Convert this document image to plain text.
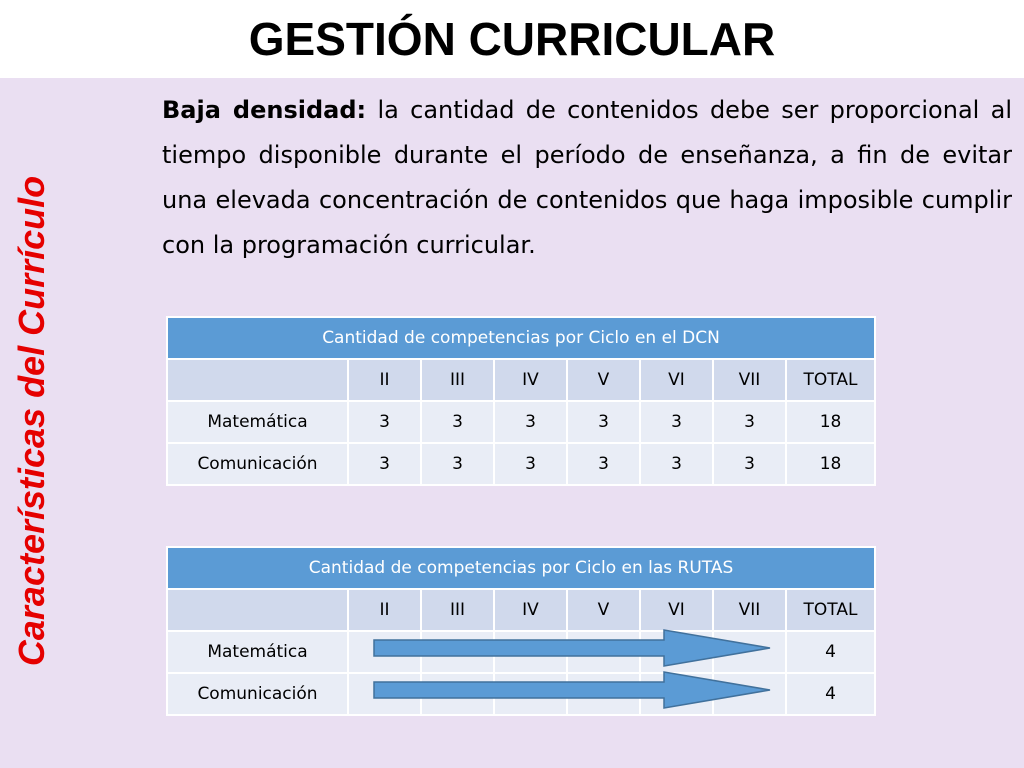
GESTIÓN CURRICULAR
Características del Currículo

Baja densidad: la cantidad de contenidos debe ser proporcional al tiempo disponible durante el período de enseñanza, a fin de evitar una elevada concentración de contenidos que haga imposible cumplir con la programación curricular.

Cantidad de competencias por Ciclo en el DCN							
	II	III	IV	V	VI	VII	TOTAL
Matemática	3	3	3	3	3	3	18
Comunicación	3	3	3	3	3	3	18
Cantidad de competencias por Ciclo en las RUTAS							
	II	III	IV	V	VI	VII	TOTAL
Matemática							4
Comunicación							4
